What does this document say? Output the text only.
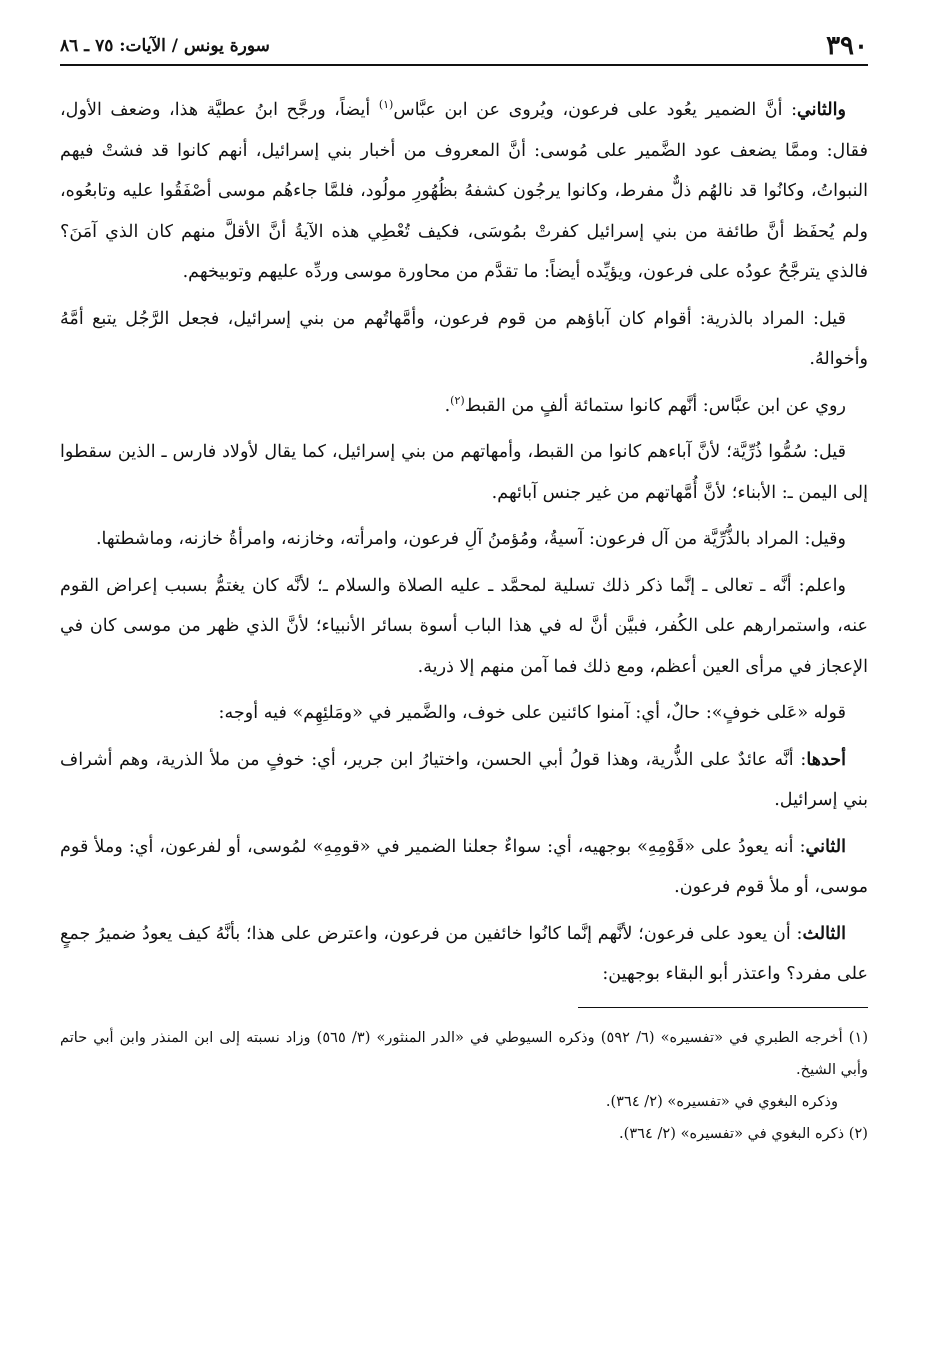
٣٩٠
سورة يونس / الآيات: ٧٥ ـ ٨٦

والثاني: أنَّ الضمير يعُود على فرعون، ويُروى عن ابن عبَّاس$^{(١)}$ أيضاً، ورجَّح ابنُ عطيَّة هذا، وضعف الأول، فقال: وممَّا يضعف عود الضَّمير على مُوسى: أنَّ المعروف من أخبار بني إسرائيل، أنهم كانوا قد فشتْ فيهم النبواتُ، وكانُوا قد نالهُم ذلٌّ مفرط، وكانوا يرجُون كشفهُ بظُهُورِ مولُود، فلمَّا جاءهُم موسى أصْفَقُوا عليه وتابعُوه، ولم يُحفَظ أنَّ طائفة من بني إسرائيل كفرتْ بمُوسَى، فكيف تُعْطِي هذه الآيةُ أنَّ الأقلَّ منهم كان الذي آمَنَ؟ فالذي يترجَّحُ عودُه على فرعون، ويؤيِّده أيضاً: ما تقدَّم من محاورة موسى وردِّه عليهم وتوبيخهم.

قيل: المراد بالذرية: أقوام كان آباؤهم من قوم فرعون، وأمَّهاتُهم من بني إسرائيل، فجعل الرَّجُل يتبع أمَّهُ وأخوالهُ.

روي عن ابن عبَّاس: أنَّهم كانوا ستمائة ألفٍ من القبط$^{(٢)}$.

قيل: سُمُّوا ذُرِّيَّة؛ لأنَّ آباءهم كانوا من القبط، وأمهاتهم من بني إسرائيل، كما يقال لأولاد فارس ـ الذين سقطوا إلى اليمن ـ: الأبناء؛ لأنَّ أُمَّهاتهم من غير جنس آبائهم.

وقيل: المراد بالذُّرِّيَّة من آل فرعون: آسيةُ، ومُؤمنُ آلِ فرعون، وامرأته، وخازنه، وامرأةُ خازنه، وماشطتها.

واعلم: أنَّه ـ تعالى ـ إنَّما ذكر ذلك تسلية لمحمَّد ـ عليه الصلاة والسلام ـ؛ لأنَّه كان يغتمُّ بسبب إعراض القوم عنه، واستمرارهم على الكُفر، فبيَّن أنَّ له في هذا الباب أسوة بسائر الأنبياء؛ لأنَّ الذي ظهر من موسى كان في الإعجاز في مرأى العين أعظم، ومع ذلك فما آمن منهم إلا ذرية.

قوله «عَلى خوفٍ»: حالٌ، أي: آمنوا كائنين على خوف، والضَّمير في «ومَلئِهِم» فيه أوجه:

أحدها: أنَّه عائدٌ على الذُّرية، وهذا قولُ أبي الحسن، واختيارُ ابن جرير، أي: خوفٍ من ملأ الذرية، وهم أشراف بني إسرائيل.

الثاني: أنه يعودُ على «قَوْمِهِ» بوجهيه، أي: سواءٌ جعلنا الضمير في «قومِهِ» لمُوسى، أو لفرعون، أي: وملأ قوم موسى، أو ملأ قوم فرعون.

الثالث: أن يعود على فرعون؛ لأنَّهم إنَّما كانُوا خائفين من فرعون، واعترض على هذا؛ بأنَّهُ كيف يعودُ ضميرُ جمعٍ على مفرد؟ واعتذر أبو البقاء بوجهين:

(١) أخرجه الطبري في «تفسيره» (٦/ ٥٩٢) وذكره السيوطي في «الدر المنثور» (٣/ ٥٦٥) وزاد نسبته إلى ابن المنذر وابن أبي حاتم وأبي الشيخ.

وذكره البغوي في «تفسيره» (٢/ ٣٦٤).

(٢) ذكره البغوي في «تفسيره» (٢/ ٣٦٤).
